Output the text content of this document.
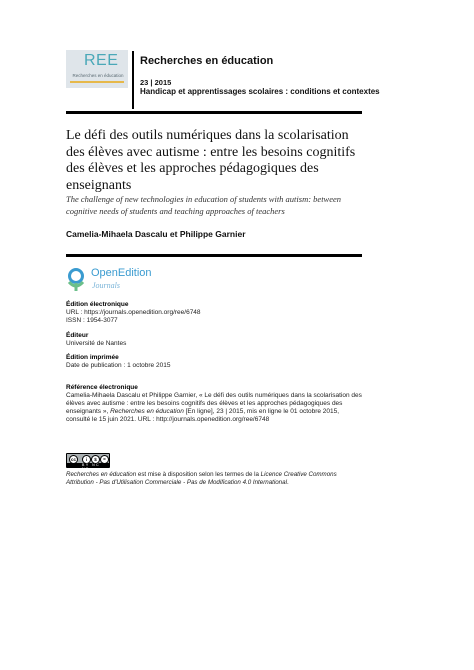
REE
Recherches en éducation
Recherches en éducation
23 | 2015
Handicap et apprentissages scolaires : conditions et contextes
Le défi des outils numériques dans la scolarisation des élèves avec autisme : entre les besoins cognitifs des élèves et les approches pédagogiques des enseignants
The challenge of new technologies in education of students with autism: between cognitive needs of students and teaching approaches of teachers
Camelia-Mihaela Dascalu et Philippe Garnier
OpenEdition
Journals
Édition électronique
URL : https://journals.openedition.org/ree/6748
ISSN : 1954-3077
Éditeur
Université de Nantes
Édition imprimée
Date de publication : 1 octobre 2015
Référence électronique
Camelia-Mihaela Dascalu et Philippe Garnier, « Le défi des outils numériques dans la scolarisation des élèves avec autisme : entre les besoins cognitifs des élèves et les approches pédagogiques des enseignants », Recherches en éducation [En ligne], 23 | 2015, mis en ligne le 01 octobre 2015, consulté le 15 juin 2021. URL : http://journals.openedition.org/ree/6748
cc	i	$	=
BY NC ND
Recherches en éducation est mise à disposition selon les termes de la Licence Creative Commons Attribution - Pas d'Utilisation Commerciale - Pas de Modification 4.0 International.
